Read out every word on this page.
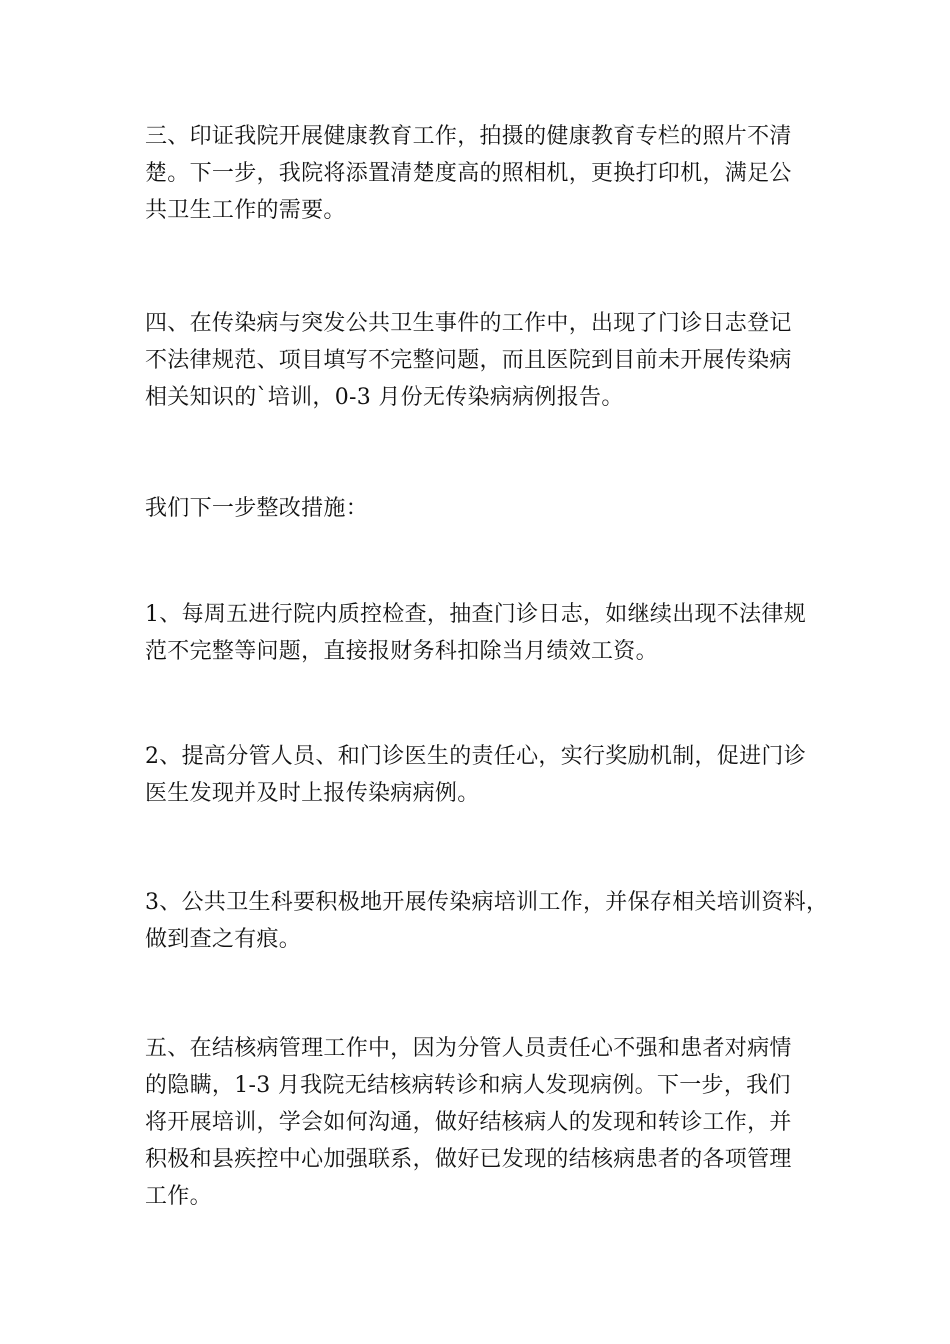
三、印证我院开展健康教育工作，拍摄的健康教育专栏的照片不清
楚。下一步，我院将添置清楚度高的照相机，更换打印机，满足公
共卫生工作的需要。

四、在传染病与突发公共卫生事件的工作中，出现了门诊日志登记
不法律规范、项目填写不完整问题，而且医院到目前未开展传染病
相关知识的`培训，0-3 月份无传染病病例报告。

我们下一步整改措施：

1、每周五进行院内质控检查，抽查门诊日志，如继续出现不法律规
范不完整等问题，直接报财务科扣除当月绩效工资。

2、提高分管人员、和门诊医生的责任心，实行奖励机制，促进门诊
医生发现并及时上报传染病病例。

3、公共卫生科要积极地开展传染病培训工作，并保存相关培训资料，
做到查之有痕。

五、在结核病管理工作中，因为分管人员责任心不强和患者对病情
的隐瞒，1-3 月我院无结核病转诊和病人发现病例。下一步，我们
将开展培训，学会如何沟通，做好结核病人的发现和转诊工作，并
积极和县疾控中心加强联系，做好已发现的结核病患者的各项管理
工作。
